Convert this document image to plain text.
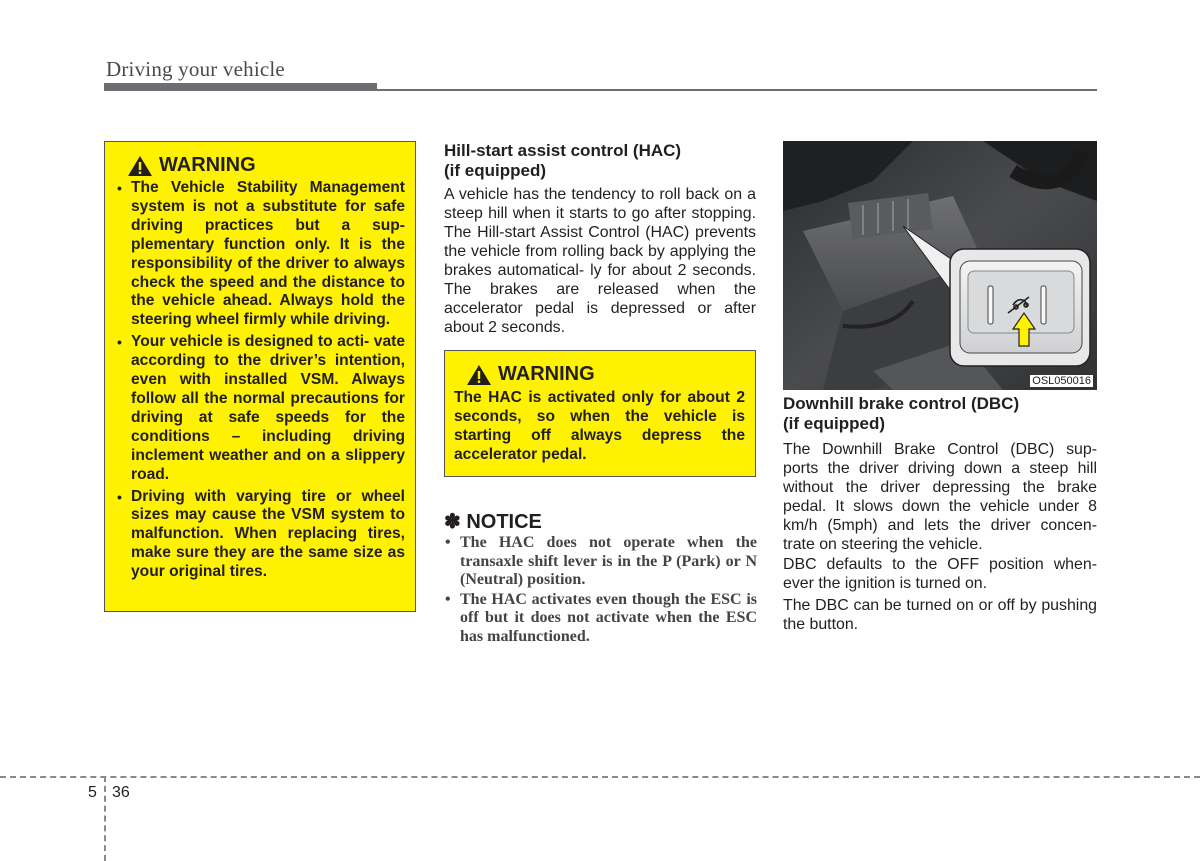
Driving your vehicle
WARNING
• The Vehicle Stability Management system is not a substitute for safe driving practices but a sup- plementary function only. It is the responsibility of the driver to always check the speed and the distance to the vehicle ahead. Always hold the steering wheel firmly while driving.
• Your vehicle is designed to acti- vate according to the driver’s intention, even with installed VSM. Always follow all the normal precautions for driving at safe speeds for the conditions – including driving inclement weather and on a slippery road.
• Driving with varying tire or wheel sizes may cause the VSM system to malfunction. When replacing tires, make sure they are the same size as your original tires.
Hill-start assist control (HAC)
(if equipped)
A vehicle has the tendency to roll back on a steep hill when it starts to go after stopping. The Hill-start Assist Control (HAC) prevents the vehicle from rolling back by applying the brakes automatical- ly for about 2 seconds. The brakes are released when the accelerator pedal is depressed or after about 2 seconds.
WARNING
The HAC is activated only for about 2 seconds, so when the vehicle is starting off always depress the accelerator pedal.
✽ NOTICE
• The HAC does not operate when the transaxle shift lever is in the P (Park) or N (Neutral) position.
• The HAC activates even though the ESC is off but it does not activate when the ESC has malfunctioned.
OSL050016
Downhill brake control (DBC)
(if equipped)
The Downhill Brake Control (DBC) sup- ports the driver driving down a steep hill without the driver depressing the brake pedal. It slows down the vehicle under 8 km/h (5mph) and lets the driver concen- trate on steering the vehicle.
DBC defaults to the OFF position when- ever the ignition is turned on.
The DBC can be turned on or off by pushing the button.
5 36
